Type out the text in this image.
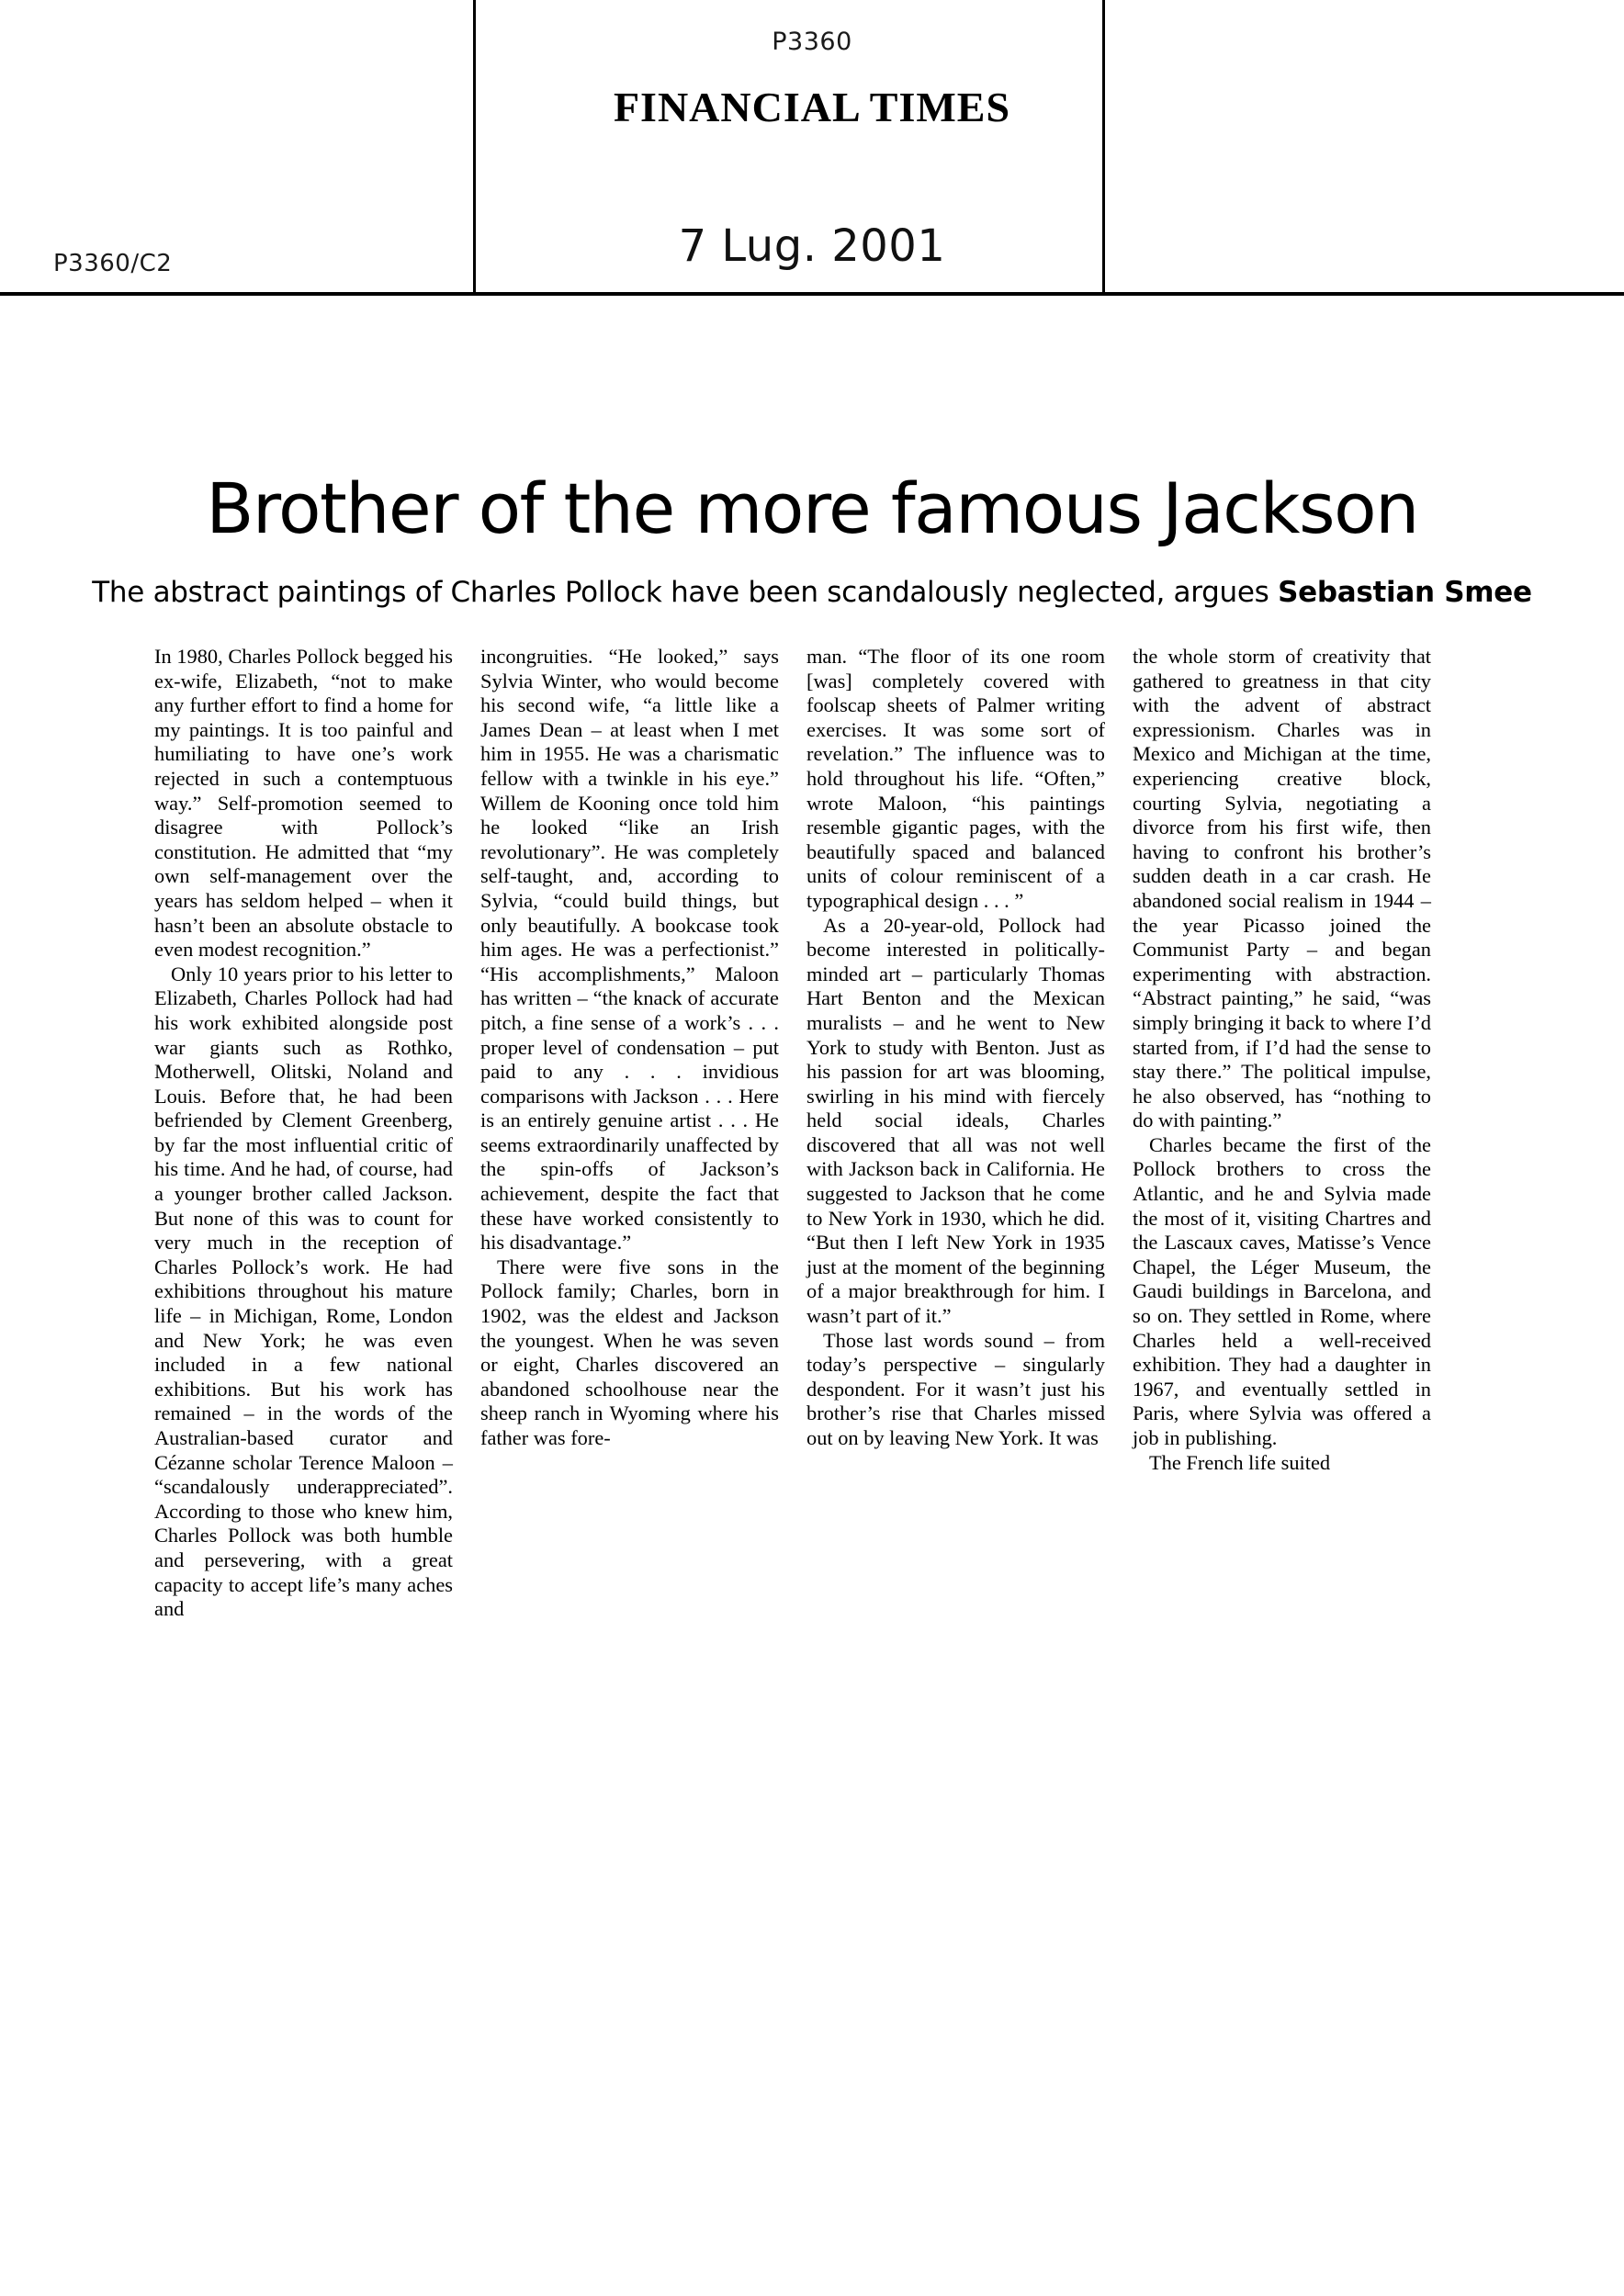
P3360/C2
P3360
FINANCIAL TIMES
7 Lug. 2001
Brother of the more famous Jackson
The abstract paintings of Charles Pollock have been scandalously neglected, argues Sebastian Smee

In 1980, Charles Pollock begged his ex-wife, Elizabeth, “not to make any further effort to find a home for my paintings. It is too painful and humiliating to have one’s work rejected in such a contemptuous way.” Self-promotion seemed to disagree with Pollock’s constitution. He admitted that “my own self-management over the years has seldom helped – when it hasn’t been an absolute obstacle to even modest recognition.”

Only 10 years prior to his letter to Elizabeth, Charles Pollock had had his work exhibited alongside post war giants such as Rothko, Motherwell, Olitski, Noland and Louis. Before that, he had been befriended by Clement Greenberg, by far the most influential critic of his time. And he had, of course, had a younger brother called Jackson. But none of this was to count for very much in the reception of Charles Pollock’s work. He had exhibitions throughout his mature life – in Michigan, Rome, London and New York; he was even included in a few national exhibitions. But his work has remained – in the words of the Australian-based curator and Cézanne scholar Terence Maloon – “scandalously underappreciated”. According to those who knew him, Charles Pollock was both humble and persevering, with a great capacity to accept life’s many aches and

incongruities. “He looked,” says Sylvia Winter, who would become his second wife, “a little like a James Dean – at least when I met him in 1955. He was a charismatic fellow with a twinkle in his eye.” Willem de Kooning once told him he looked “like an Irish revolutionary”. He was completely self-taught, and, according to Sylvia, “could build things, but only beautifully. A bookcase took him ages. He was a perfectionist.” “His accomplishments,” Maloon has written – “the knack of accurate pitch, a fine sense of a work’s . . . proper level of condensation – put paid to any . . . invidious comparisons with Jackson . . . Here is an entirely genuine artist . . . He seems extraordinarily unaffected by the spin-offs of Jackson’s achievement, despite the fact that these have worked consistently to his disadvantage.”

There were five sons in the Pollock family; Charles, born in 1902, was the eldest and Jackson the youngest. When he was seven or eight, Charles discovered an abandoned schoolhouse near the sheep ranch in Wyoming where his father was fore-

man. “The floor of its one room [was] completely covered with foolscap sheets of Palmer writing exercises. It was some sort of revelation.” The influence was to hold throughout his life. “Often,” wrote Maloon, “his paintings resemble gigantic pages, with the beautifully spaced and balanced units of colour reminiscent of a typographical design . . . ”

As a 20-year-old, Pollock had become interested in politically-minded art – particularly Thomas Hart Benton and the Mexican muralists – and he went to New York to study with Benton. Just as his passion for art was blooming, swirling in his mind with fiercely held social ideals, Charles discovered that all was not well with Jackson back in California. He suggested to Jackson that he come to New York in 1930, which he did. “But then I left New York in 1935 just at the moment of the beginning of a major breakthrough for him. I wasn’t part of it.”

Those last words sound – from today’s perspective – singularly despondent. For it wasn’t just his brother’s rise that Charles missed out on by leaving New York. It was

the whole storm of creativity that gathered to greatness in that city with the advent of abstract expressionism. Charles was in Mexico and Michigan at the time, experiencing creative block, courting Sylvia, negotiating a divorce from his first wife, then having to confront his brother’s sudden death in a car crash. He abandoned social realism in 1944 – the year Picasso joined the Communist Party – and began experimenting with abstraction. “Abstract painting,” he said, “was simply bringing it back to where I’d started from, if I’d had the sense to stay there.” The political impulse, he also observed, has “nothing to do with painting.”

Charles became the first of the Pollock brothers to cross the Atlantic, and he and Sylvia made the most of it, visiting Chartres and the Lascaux caves, Matisse’s Vence Chapel, the Léger Museum, the Gaudi buildings in Barcelona, and so on. They settled in Rome, where Charles held a well-received exhibition. They had a daughter in 1967, and eventually settled in Paris, where Sylvia was offered a job in publishing.

The French life suited
